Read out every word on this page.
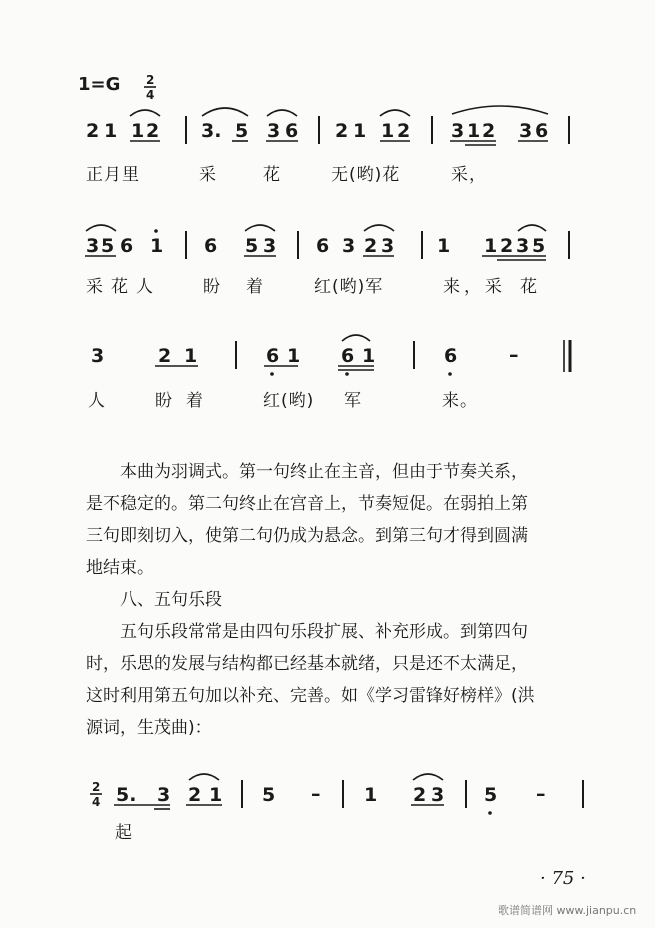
1=G 2
4
2 1 1 2 3. 5 3 6 2 1 1 2 3 1 2 3 6
3 5 6 1 6 5 3 6 3 2 3 1 1 2 3 5
3	2 1	6 1 6 1	6	–
2
4 5. 3 2 1 5 – 1 2 3 5 –
正月里	采	花	无(哟)花	采，
采花人 盼 着	红(哟)军	来，采 花
人	盼 着	红(哟) 军	来。
本曲为羽调式。第一句终止在主音，但由于节奏关系，
是不稳定的。第二句终止在宫音上，节奏短促。在弱拍上第
三句即刻切入，使第二句仍成为悬念。到第三句才得到圆满
地结束。
八、五句乐段
五句乐段常常是由四句乐段扩展、补充形成。到第四句
时，乐思的发展与结构都已经基本就绪，只是还不太满足，
这时利用第五句加以补充、完善。如《学习雷锋好榜样》(洪
源词，生茂曲)：
起
· 75 ·
歌谱简谱网 www.jianpu.cn
